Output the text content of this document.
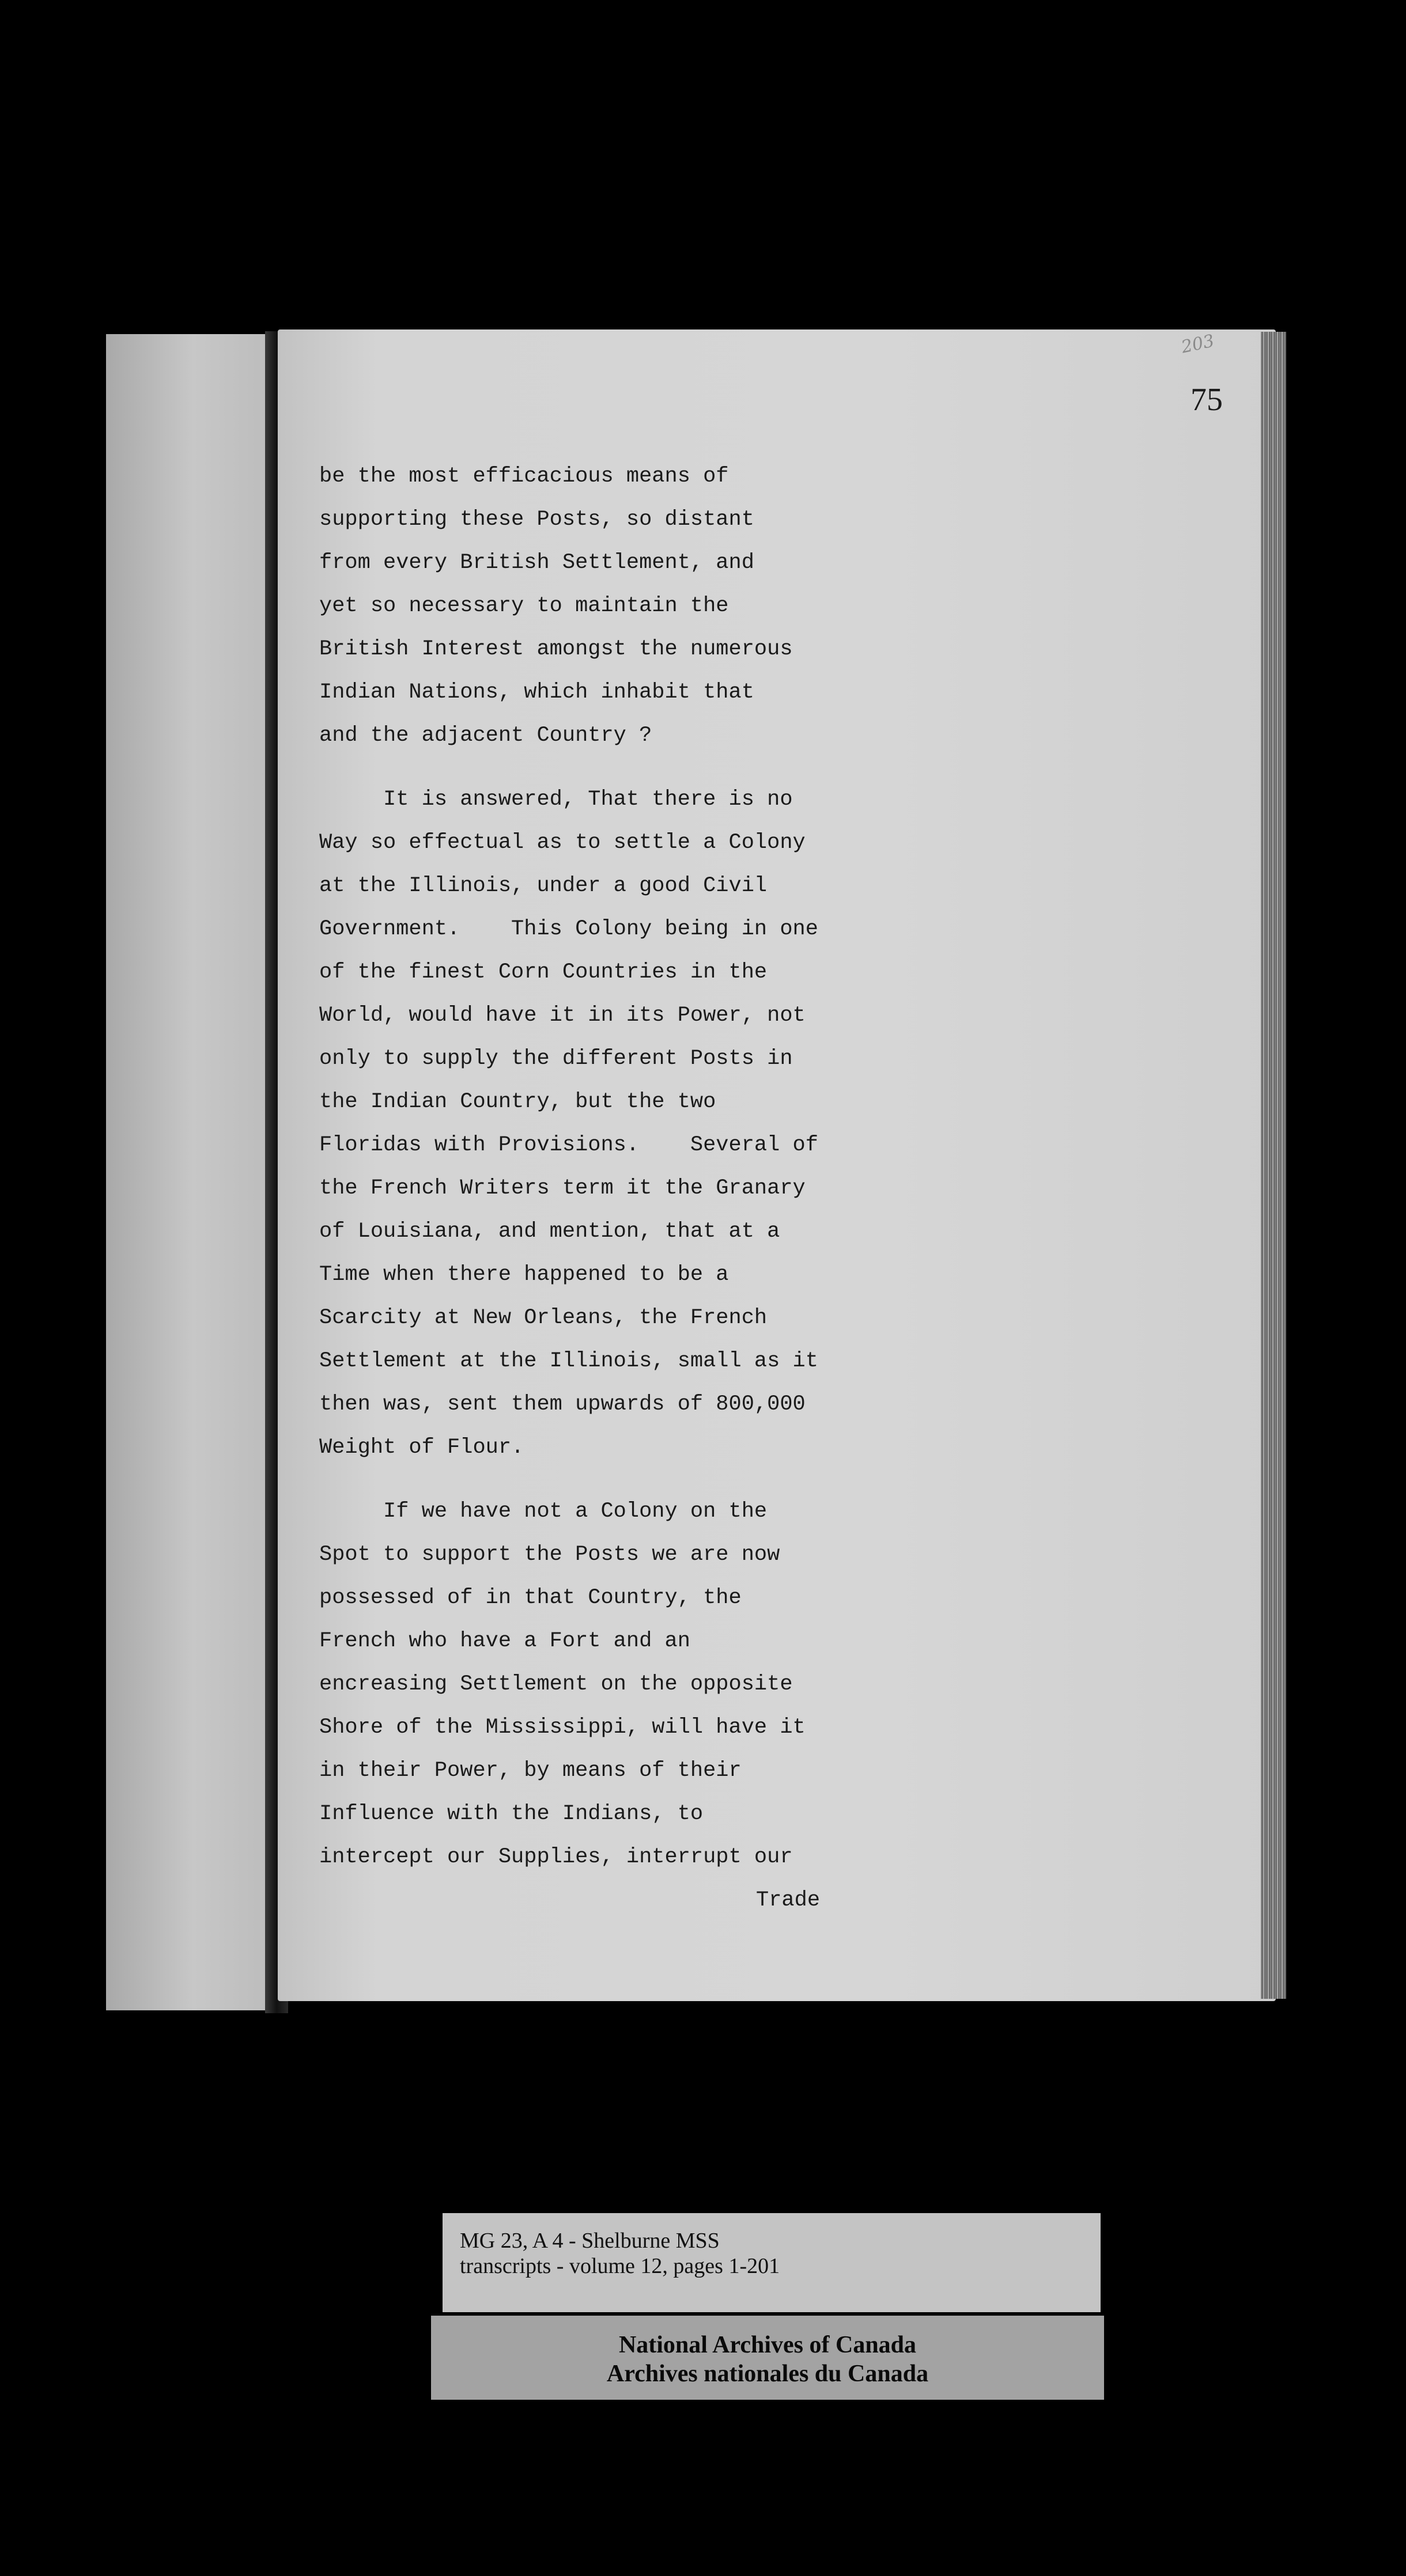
203
75
be the most efficacious means of
supporting these Posts, so distant
from every British Settlement, and
yet so necessary to maintain the
British Interest amongst the numerous
Indian Nations, which inhabit that
and the adjacent Country ?
It is answered, That there is no
Way so effectual as to settle a Colony
at the Illinois, under a good Civil
Government.    This Colony being in one
of the finest Corn Countries in the
World, would have it in its Power, not
only to supply the different Posts in
the Indian Country, but the two
Floridas with Provisions.    Several of
the French Writers term it the Granary
of Louisiana, and mention, that at a
Time when there happened to be a
Scarcity at New Orleans, the French
Settlement at the Illinois, small as it
then was, sent them upwards of 800,000
Weight of Flour.
If we have not a Colony on the
Spot to support the Posts we are now
possessed of in that Country, the
French who have a Fort and an
encreasing Settlement on the opposite
Shore of the Mississippi, will have it
in their Power, by means of their
Influence with the Indians, to
intercept our Supplies, interrupt our
Trade
MG 23, A 4 - Shelburne MSS
transcripts - volume 12, pages 1-201
National Archives of Canada
Archives nationales du Canada
